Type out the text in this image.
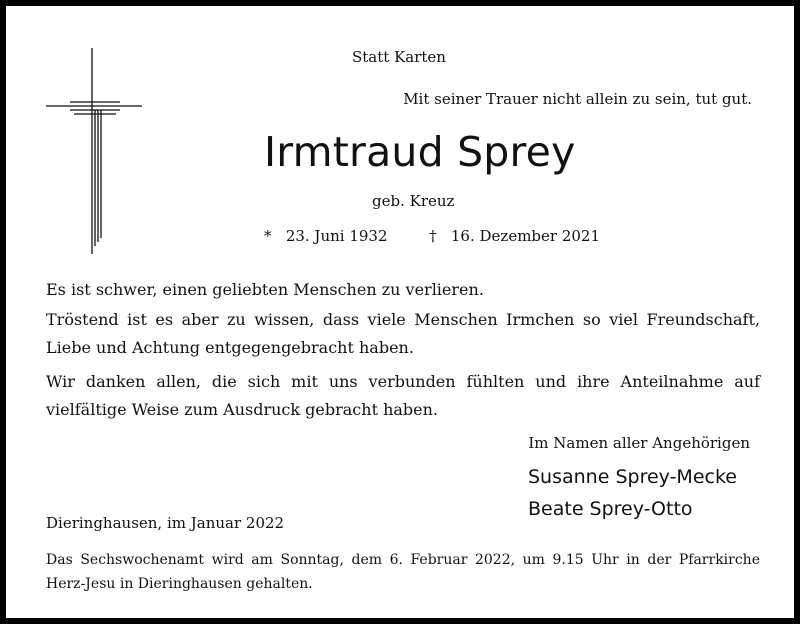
Statt Karten
Mit seiner Trauer nicht allein zu sein, tut gut.
Irmtraud Sprey
geb. Kreuz
* 23. Juni 1932	† 16. Dezember 2021
Es ist schwer, einen geliebten Menschen zu verlieren.
Tröstend ist es aber zu wissen, dass viele Menschen Irmchen so viel Freundschaft, Liebe und Achtung entgegengebracht haben.
Wir danken allen, die sich mit uns verbunden fühlten und ihre Anteilnahme auf vielfältige Weise zum Ausdruck gebracht haben.
Im Namen aller Angehörigen
Susanne Sprey-Mecke
Beate Sprey-Otto
Dieringhausen, im Januar 2022
Das Sechswochenamt wird am Sonntag, dem 6. Februar 2022, um 9.15 Uhr in der Pfarrkirche Herz-Jesu in Dieringhausen gehalten.
